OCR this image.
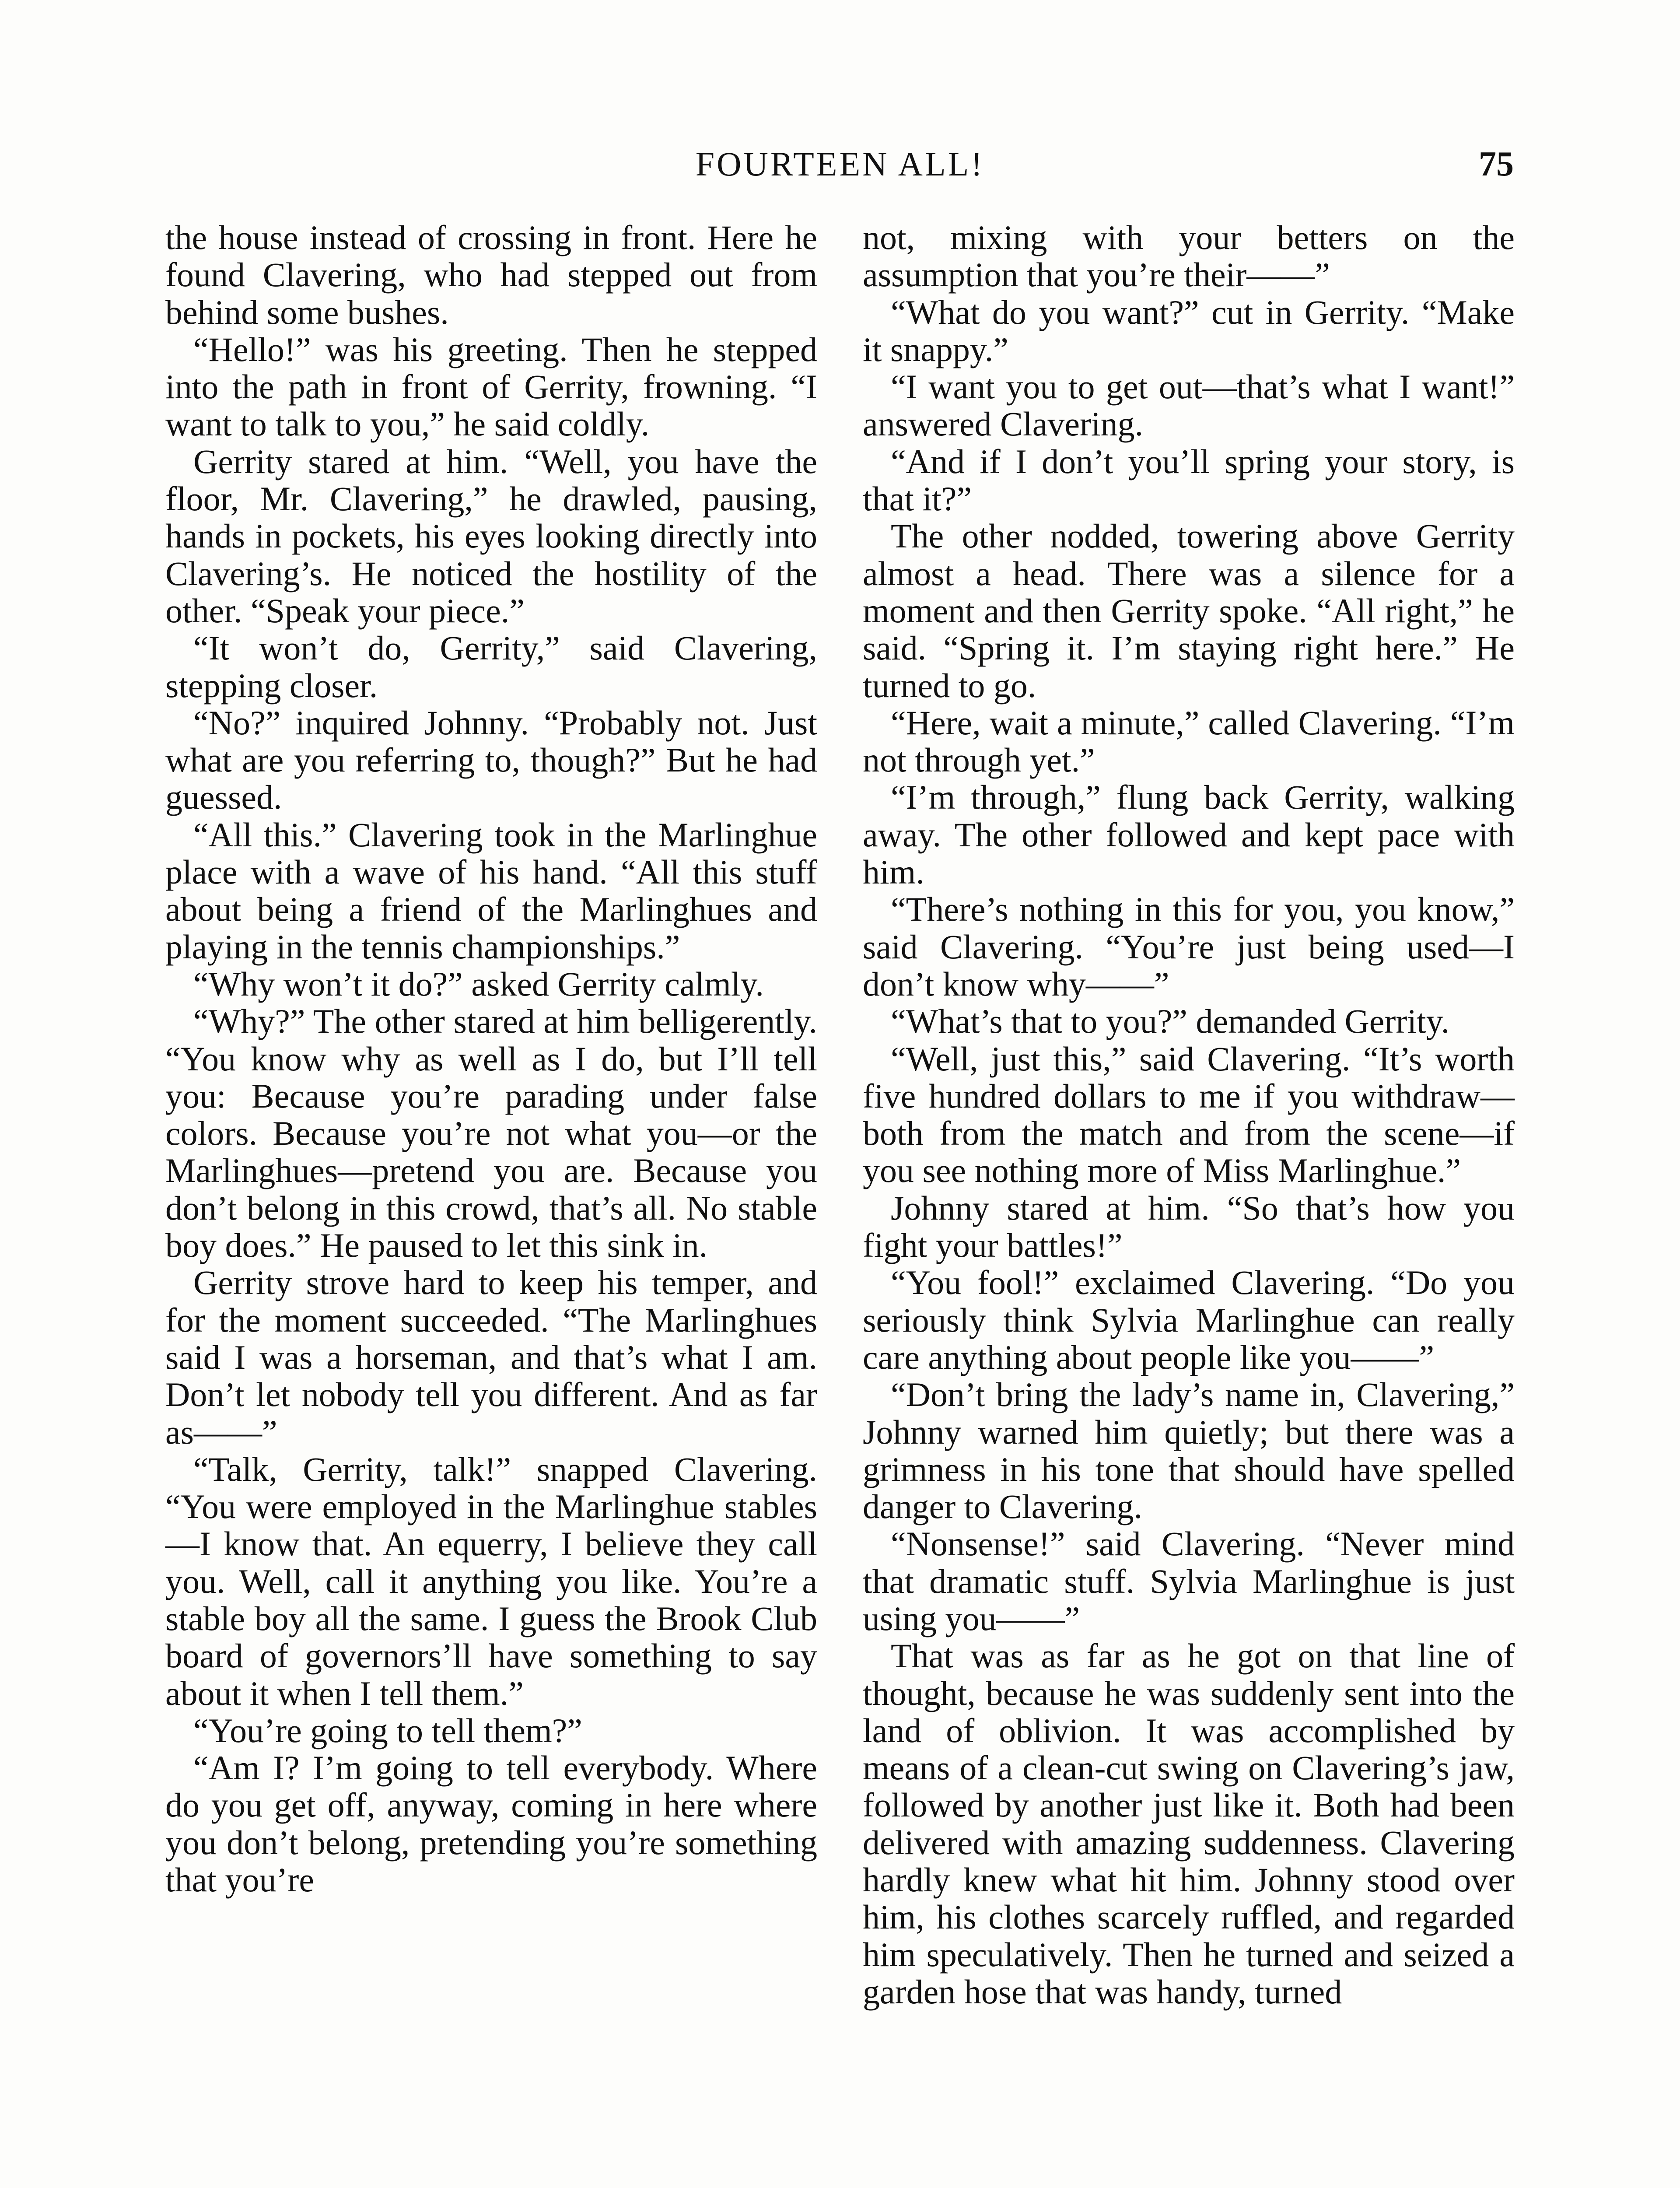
FOURTEEN ALL!	75

the house instead of crossing in front. Here he found Clavering, who had stepped out from behind some bushes.

“Hello!” was his greeting. Then he stepped into the path in front of Gerrity, frowning. “I want to talk to you,” he said coldly.

Gerrity stared at him. “Well, you have the floor, Mr. Clavering,” he drawled, pausing, hands in pockets, his eyes looking directly into Clavering’s. He noticed the hostility of the other. “Speak your piece.”

“It won’t do, Gerrity,” said Clavering, stepping closer.

“No?” inquired Johnny. “Probably not. Just what are you referring to, though?” But he had guessed.

“All this.” Clavering took in the Marlinghue place with a wave of his hand. “All this stuff about being a friend of the Marlinghues and playing in the tennis championships.”

“Why won’t it do?” asked Gerrity calmly.

“Why?” The other stared at him belligerently. “You know why as well as I do, but I’ll tell you: Because you’re parading under false colors. Because you’re not what you—or the Marlinghues—pretend you are. Because you don’t belong in this crowd, that’s all. No stable boy does.” He paused to let this sink in.

Gerrity strove hard to keep his temper, and for the moment succeeded. “The Marlinghues said I was a horseman, and that’s what I am. Don’t let nobody tell you different. And as far as——”

“Talk, Gerrity, talk!” snapped Clavering. “You were employed in the Marlinghue stables—I know that. An equerry, I believe they call you. Well, call it anything you like. You’re a stable boy all the same. I guess the Brook Club board of governors’ll have something to say about it when I tell them.”

“You’re going to tell them?”

“Am I? I’m going to tell everybody. Where do you get off, anyway, coming in here where you don’t belong, pretending you’re something that you’re

not, mixing with your betters on the assumption that you’re their——”

“What do you want?” cut in Gerrity. “Make it snappy.”

“I want you to get out—that’s what I want!” answered Clavering.

“And if I don’t you’ll spring your story, is that it?”

The other nodded, towering above Gerrity almost a head. There was a silence for a moment and then Gerrity spoke. “All right,” he said. “Spring it. I’m staying right here.” He turned to go.

“Here, wait a minute,” called Clavering. “I’m not through yet.”

“I’m through,” flung back Gerrity, walking away. The other followed and kept pace with him.

“There’s nothing in this for you, you know,” said Clavering. “You’re just being used—I don’t know why——”

“What’s that to you?” demanded Gerrity.

“Well, just this,” said Clavering. “It’s worth five hundred dollars to me if you withdraw—both from the match and from the scene—if you see nothing more of Miss Marlinghue.”

Johnny stared at him. “So that’s how you fight your battles!”

“You fool!” exclaimed Clavering. “Do you seriously think Sylvia Marlinghue can really care anything about people like you——”

“Don’t bring the lady’s name in, Clavering,” Johnny warned him quietly; but there was a grimness in his tone that should have spelled danger to Clavering.

“Nonsense!” said Clavering. “Never mind that dramatic stuff. Sylvia Marlinghue is just using you——”

That was as far as he got on that line of thought, because he was suddenly sent into the land of oblivion. It was accomplished by means of a clean-cut swing on Clavering’s jaw, followed by another just like it. Both had been delivered with amazing suddenness. Clavering hardly knew what hit him. Johnny stood over him, his clothes scarcely ruffled, and regarded him speculatively. Then he turned and seized a garden hose that was handy, turned
